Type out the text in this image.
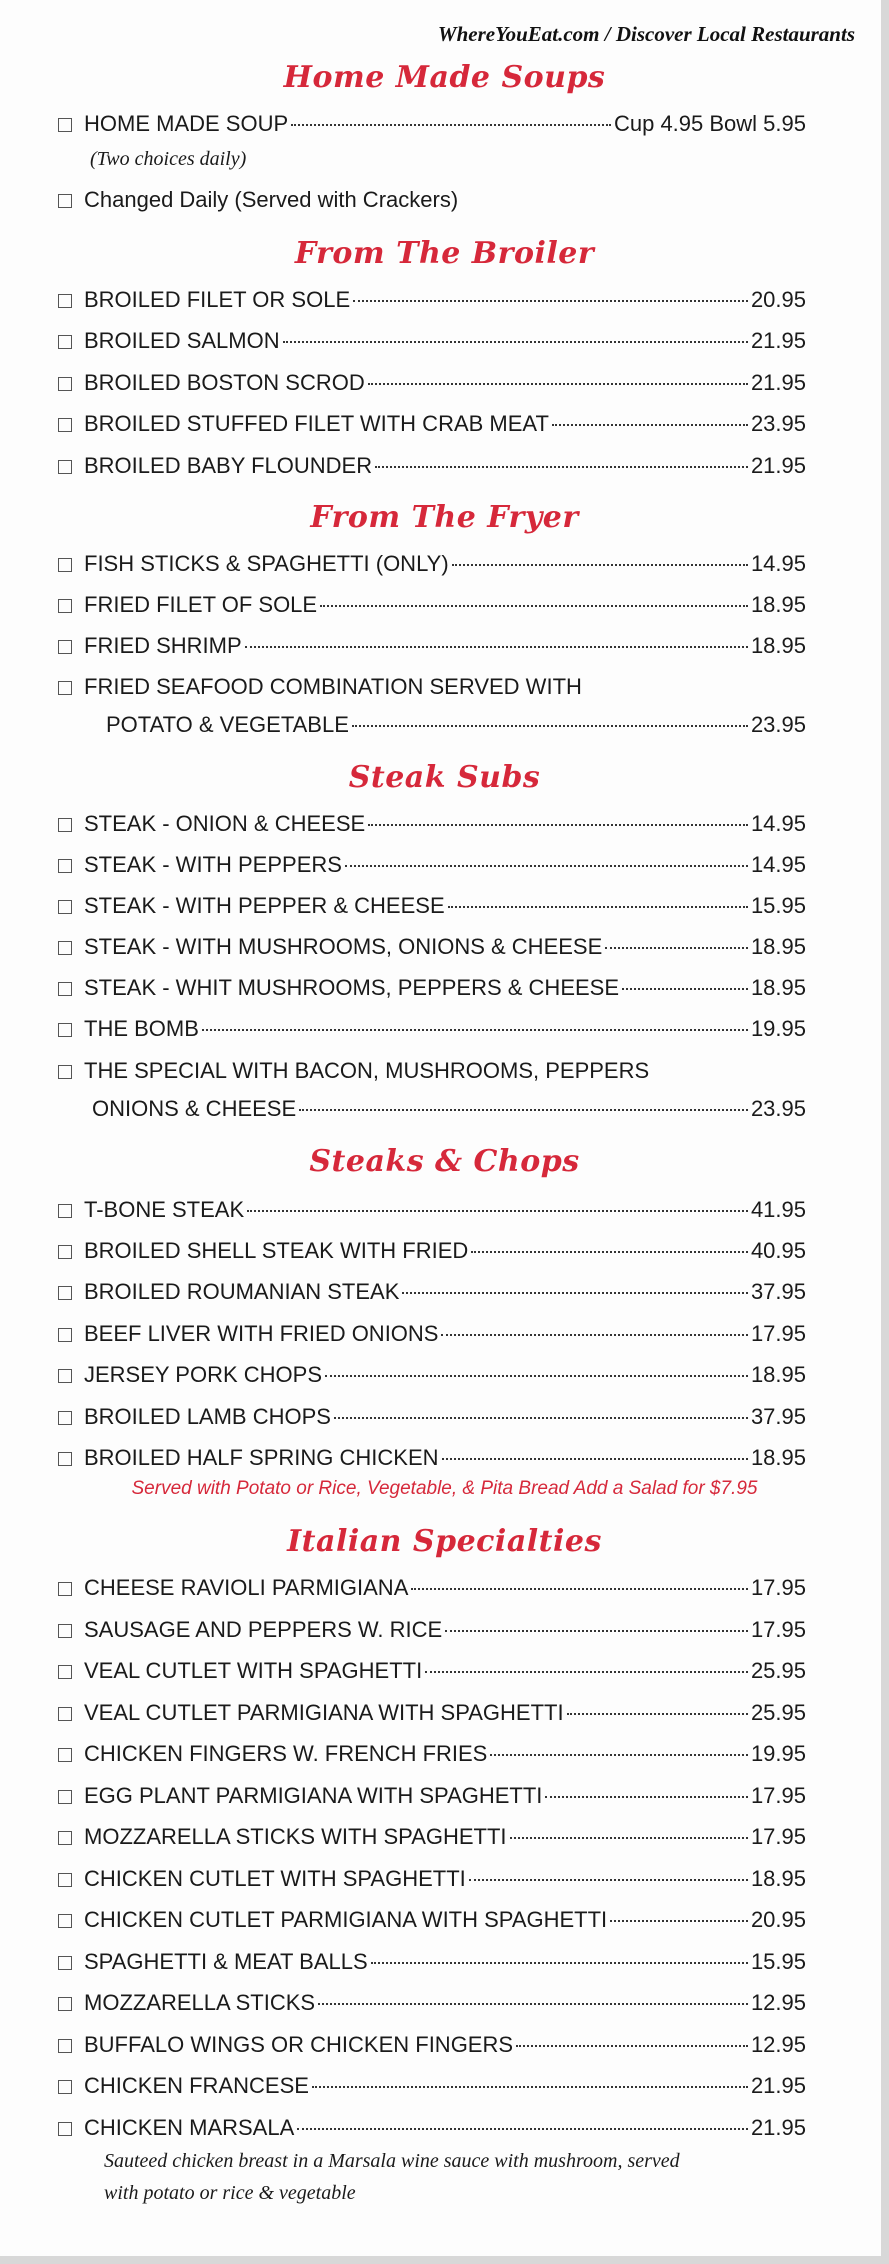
WhereYouEat.com / Discover Local Restaurants
Home Made Soups
HOME MADE SOUP	Cup 4.95 Bowl 5.95
(Two choices daily)
Changed Daily (Served with Crackers)
From The Broiler
BROILED FILET OR SOLE	20.95
BROILED SALMON	21.95
BROILED BOSTON SCROD	21.95
BROILED STUFFED FILET WITH CRAB MEAT	23.95
BROILED BABY FLOUNDER	21.95
From The Fryer
FISH STICKS & SPAGHETTI (ONLY)	14.95
FRIED FILET OF SOLE	18.95
FRIED SHRIMP	18.95
FRIED SEAFOOD COMBINATION SERVED WITH
POTATO & VEGETABLE	23.95
Steak Subs
STEAK - ONION & CHEESE	14.95
STEAK - WITH PEPPERS	14.95
STEAK - WITH PEPPER & CHEESE	15.95
STEAK - WITH MUSHROOMS, ONIONS & CHEESE	18.95
STEAK - WHIT MUSHROOMS, PEPPERS & CHEESE	18.95
THE BOMB	19.95
THE SPECIAL WITH BACON, MUSHROOMS, PEPPERS
ONIONS & CHEESE	23.95
Steaks & Chops
T-BONE STEAK	41.95
BROILED SHELL STEAK WITH FRIED	40.95
BROILED ROUMANIAN STEAK	37.95
BEEF LIVER WITH FRIED ONIONS	17.95
JERSEY PORK CHOPS	18.95
BROILED LAMB CHOPS	37.95
BROILED HALF SPRING CHICKEN	18.95
Served with Potato or Rice, Vegetable, & Pita Bread Add a Salad for $7.95
Italian Specialties
CHEESE RAVIOLI PARMIGIANA	17.95
SAUSAGE AND PEPPERS W. RICE	17.95
VEAL CUTLET WITH SPAGHETTI	25.95
VEAL CUTLET PARMIGIANA WITH SPAGHETTI	25.95
CHICKEN FINGERS W. FRENCH FRIES	19.95
EGG PLANT PARMIGIANA WITH SPAGHETTI	17.95
MOZZARELLA STICKS WITH SPAGHETTI	17.95
CHICKEN CUTLET WITH SPAGHETTI	18.95
CHICKEN CUTLET PARMIGIANA WITH SPAGHETTI	20.95
SPAGHETTI & MEAT BALLS	15.95
MOZZARELLA STICKS	12.95
BUFFALO WINGS OR CHICKEN FINGERS	12.95
CHICKEN FRANCESE	21.95
CHICKEN MARSALA	21.95
Sauteed chicken breast in a Marsala wine sauce with mushroom, served
with potato or rice & vegetable
